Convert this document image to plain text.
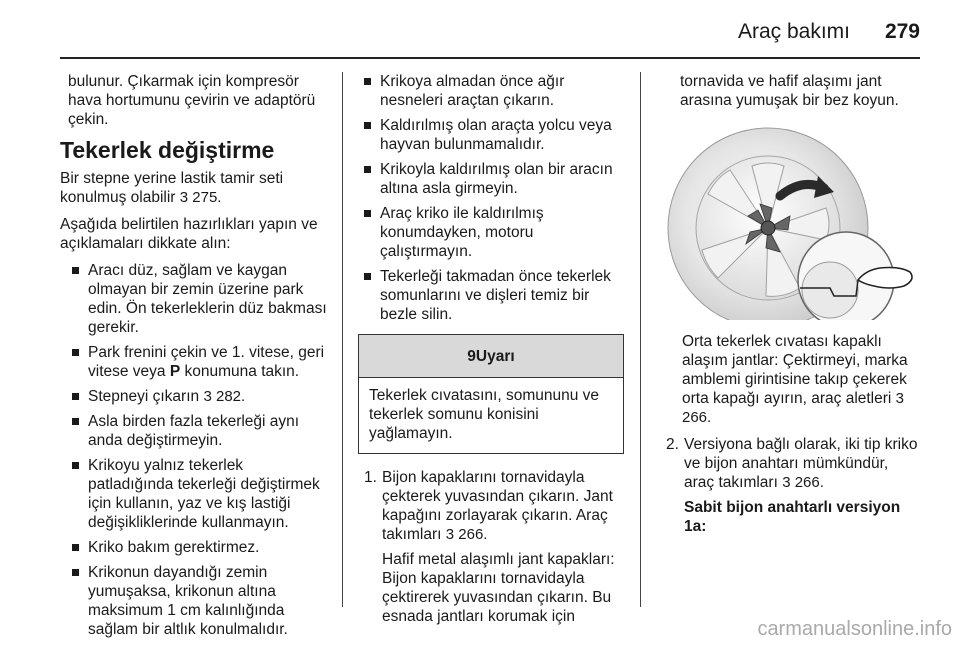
Araç bakımı 279

bulunur. Çıkarmak için kompresör hava hortumunu çevirin ve adaptörü çekin.

Tekerlek değiştirme

Bir stepne yerine lastik tamir seti konulmuş olabilir 3 275.

Aşağıda belirtilen hazırlıkları yapın ve açıklamaları dikkate alın:

Aracı düz, sağlam ve kaygan olmayan bir zemin üzerine park edin. Ön tekerleklerin düz bakması gerekir.
Park frenini çekin ve 1. vitese, geri vitese veya P konumuna takın.
Stepneyi çıkarın 3 282.
Asla birden fazla tekerleği aynı anda değiştirmeyin.
Krikoyu yalnız tekerlek patladığında tekerleği değiştirmek için kullanın, yaz ve kış lastiği değişikliklerinde kullanmayın.
Kriko bakım gerektirmez.
Krikonun dayandığı zemin yumuşaksa, krikonun altına maksimum 1 cm kalınlığında sağlam bir altlık konulmalıdır.
Krikoya almadan önce ağır nesneleri araçtan çıkarın.
Kaldırılmış olan araçta yolcu veya hayvan bulunmamalıdır.
Krikoyla kaldırılmış olan bir aracın altına asla girmeyin.
Araç kriko ile kaldırılmış konumdayken, motoru çalıştırmayın.
Tekerleği takmadan önce tekerlek somunlarını ve dişleri temiz bir bezle silin.
9 Uyarı
Tekerlek cıvatasını, somununu ve tekerlek somunu konisini yağlamayın.
1. Bijon kapaklarını tornavidayla çekterek yuvasından çıkarın. Jant kapağını zorlayarak çıkarın. Araç takımları 3 266.

Hafif metal alaşımlı jant kapakları: Bijon kapaklarını tornavidayla çektirerek yuvasından çıkarın. Bu esnada jantları korumak için

tornavida ve hafif alaşımı jant arasına yumuşak bir bez koyun.

Orta tekerlek cıvatası kapaklı alaşım jantlar: Çektirmeyi, marka amblemi girintisine takıp çekerek orta kapağı ayırın, araç aletleri 3 266.

2. Versiyona bağlı olarak, iki tip kriko ve bijon anahtarı mümkündür, araç takımları 3 266.

Sabit bijon anahtarlı versiyon 1a:

carmanualsonline.info
